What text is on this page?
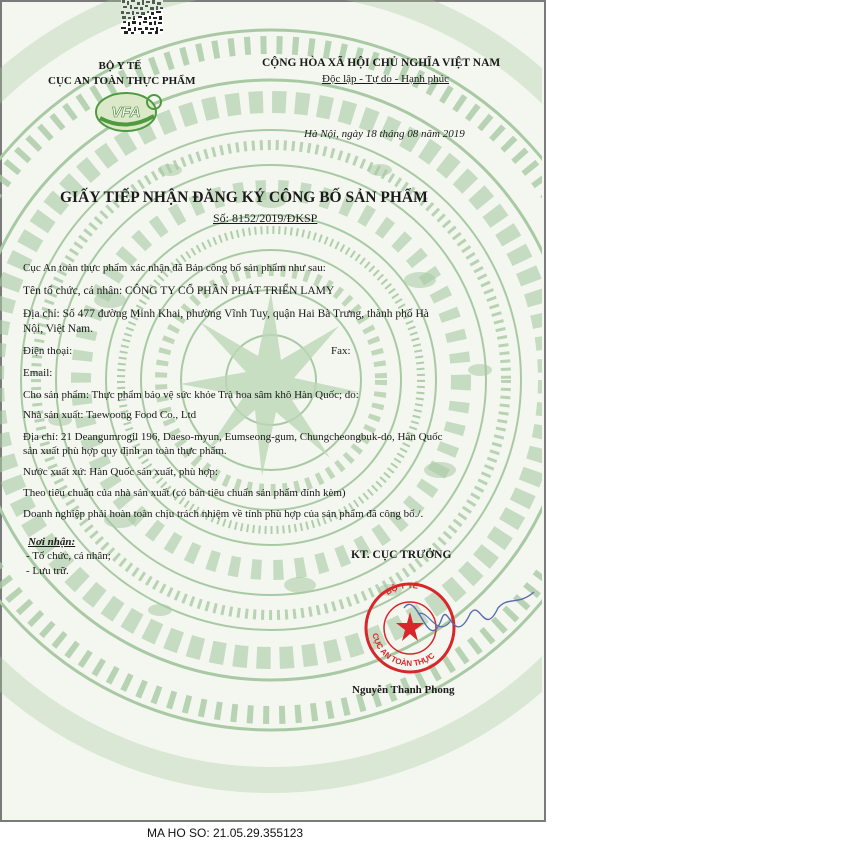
BỘ Y TẾ
CỤC AN TOÀN THỰC PHẨM
VFA
CỘNG HÒA XÃ HỘI CHỦ NGHĨA VIỆT NAM
Độc lập - Tự do - Hạnh phúc
Hà Nội, ngày 18 tháng 08 năm 2019
GIẤY TIẾP NHẬN ĐĂNG KÝ CÔNG BỐ SẢN PHẨM
Số: 8152/2019/ĐKSP
Cục An toàn thực phẩm xác nhận đã Bản công bố sản phẩm như sau:
Tên tổ chức, cá nhân: CÔNG TY CỔ PHẦN PHÁT TRIỂN LAMY
Địa chỉ: Số 477 đường Minh Khai, phường Vĩnh Tuy, quận Hai Bà Trưng, thành phố Hà
Nội, Việt Nam.
Điện thoại:	Fax:
Email:
Cho sản phẩm: Thực phẩm bảo vệ sức khỏe Trà hoa sâm khô Hàn Quốc; do:
Nhà sản xuất: Taewoong Food Co., Ltd
Địa chỉ: 21 Deangumrogil 196, Daeso-myun, Eumseong-gum, Chungcheongbuk-do, Hàn Quốc
sản xuất phù hợp quy định an toàn thực phẩm.
Nước xuất xứ: Hàn Quốc sản xuất, phù hợp:
Theo tiêu chuẩn của nhà sản xuất (có bản tiêu chuẩn sản phẩm đính kèm)
Doanh nghiệp phải hoàn toàn chịu trách nhiệm về tính phù hợp của sản phẩm đã công bố./.
Nơi nhận:
- Tổ chức, cá nhân;
- Lưu trữ.
KT. CỤC TRƯỞNG
BỘ Y TẾ
CỤC AN TOÀN THỰC
Nguyễn Thanh Phong
MA HO SO: 21.05.29.355123
